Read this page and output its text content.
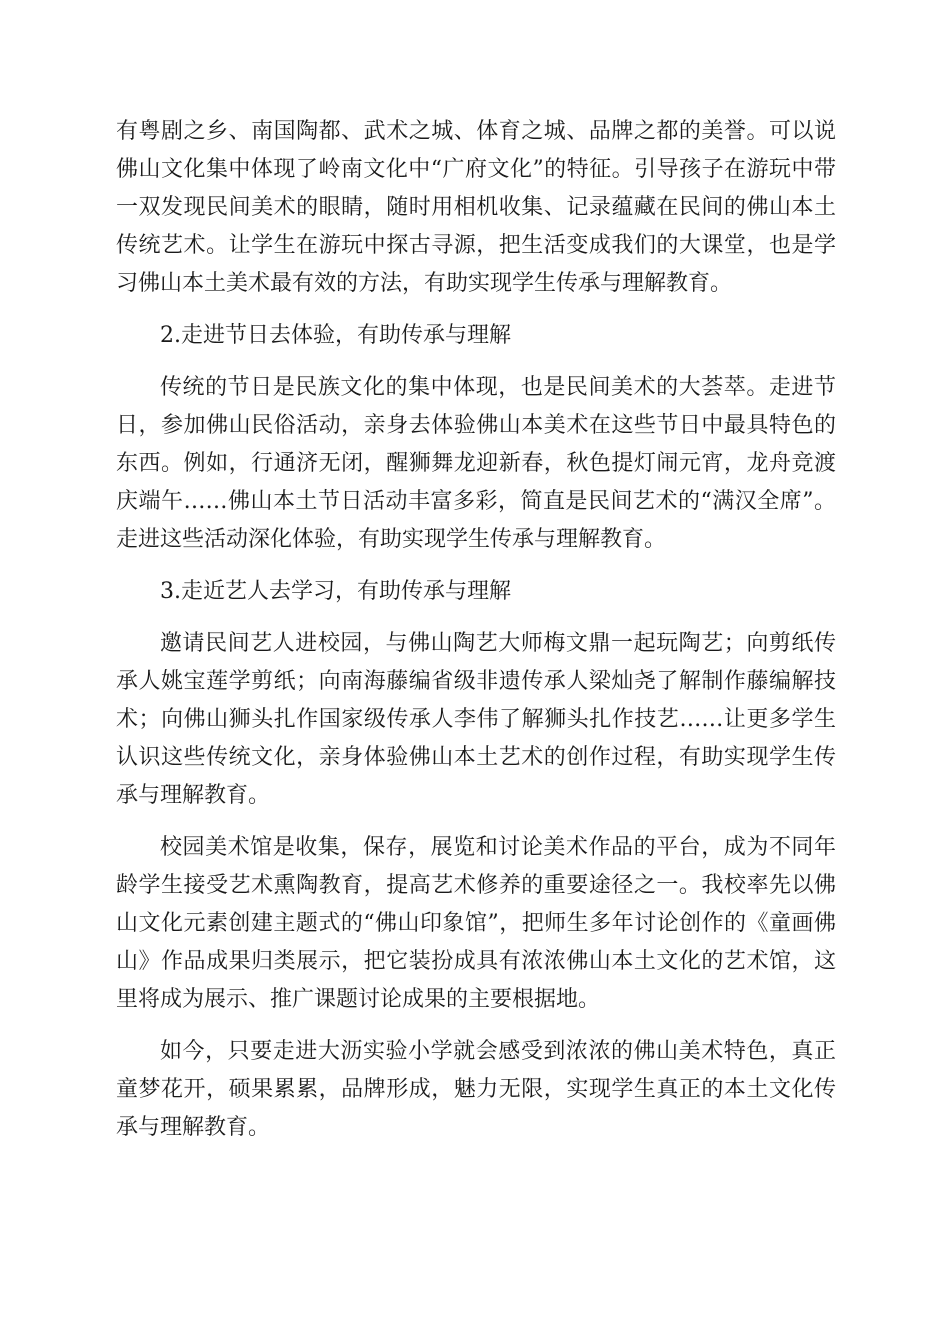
有粤剧之乡、南国陶都、武术之城、体育之城、品牌之都的美誉。可以说佛山文化集中体现了岭南文化中“广府文化”的特征。引导孩子在游玩中带一双发现民间美术的眼睛，随时用相机收集、记录蕴藏在民间的佛山本土传统艺术。让学生在游玩中探古寻源，把生活变成我们的大课堂，也是学习佛山本土美术最有效的方法，有助实现学生传承与理解教育。

2.走进节日去体验，有助传承与理解

传统的节日是民族文化的集中体现，也是民间美术的大荟萃。走进节日，参加佛山民俗活动，亲身去体验佛山本美术在这些节日中最具特色的东西。例如，行通济无闭，醒狮舞龙迎新春，秋色提灯闹元宵，龙舟竞渡庆端午……佛山本土节日活动丰富多彩，简直是民间艺术的“满汉全席”。走进这些活动深化体验，有助实现学生传承与理解教育。

3.走近艺人去学习，有助传承与理解

邀请民间艺人进校园，与佛山陶艺大师梅文鼎一起玩陶艺；向剪纸传承人姚宝莲学剪纸；向南海藤编省级非遗传承人梁灿尧了解制作藤编解技术；向佛山狮头扎作国家级传承人李伟了解狮头扎作技艺……让更多学生认识这些传统文化，亲身体验佛山本土艺术的创作过程，有助实现学生传承与理解教育。

校园美术馆是收集，保存，展览和讨论美术作品的平台，成为不同年龄学生接受艺术熏陶教育，提高艺术修养的重要途径之一。我校率先以佛山文化元素创建主题式的“佛山印象馆”，把师生多年讨论创作的《童画佛山》作品成果归类展示，把它装扮成具有浓浓佛山本土文化的艺术馆，这里将成为展示、推广课题讨论成果的主要根据地。

如今，只要走进大沥实验小学就会感受到浓浓的佛山美术特色，真正童梦花开，硕果累累，品牌形成，魅力无限，实现学生真正的本土文化传承与理解教育。
